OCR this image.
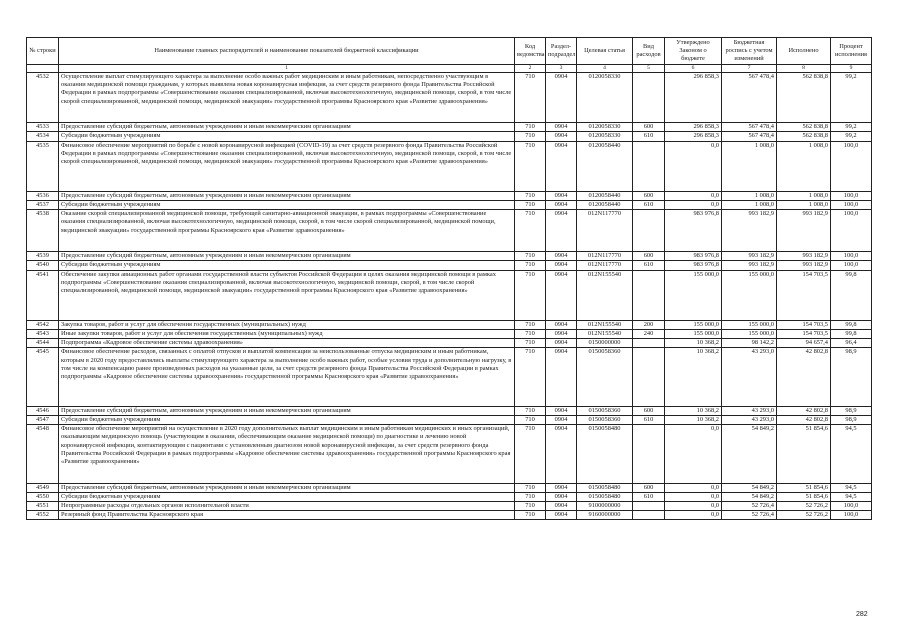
№ строки	Наименование главных распорядителей и наименование показателей бюджетной классификации	Код ведомства	Раздел-подраздел	Целевая статья	Вид расходов	Утверждено Законом о бюджете	Бюджетная роспись с учетом изменений	Исполнено	Процент исполнения
	1	2	3	4	5	6	7	8	9
4532	Осуществление выплат стимулирующего характера за выполнение особо важных работ медицинским и иным работникам, непосредственно участвующим в оказании медицинской помощи гражданам, у которых выявлена новая коронавирусная инфекция, за счет средств резервного фонда Правительства Российской Федерации в рамках подпрограммы «Совершенствование оказания специализированной, включая высокотехнологичную, медицинской помощи, скорой, в том числе скорой специализированной, медицинской помощи, медицинской эвакуации» государственной программы Красноярского края «Развитие здравоохранения»	710	0904	0120058330		296 858,3	567 478,4	562 838,8	99,2
4533	Предоставление субсидий бюджетным, автономным учреждениям и иным некоммерческим организациям	710	0904	0120058330	600	296 858,3	567 478,4	562 838,8	99,2
4534	Субсидии бюджетным учреждениям	710	0904	0120058330	610	296 858,3	567 478,4	562 838,8	99,2
4535	Финансовое обеспечение мероприятий по борьбе с новой коронавирусной инфекцией (COVID-19) за счет средств резервного фонда Правительства Российской Федерации в рамках подпрограммы «Совершенствование оказания специализированной, включая высокотехнологичную, медицинской помощи, скорой, в том числе скорой специализированной, медицинской помощи, медицинской эвакуации» государственной программы Красноярского края «Развитие здравоохранения»	710	0904	0120058440		0,0	1 008,0	1 008,0	100,0
4536	Предоставление субсидий бюджетным, автономным учреждениям и иным некоммерческим организациям	710	0904	0120058440	600	0,0	1 008,0	1 008,0	100,0
4537	Субсидии бюджетным учреждениям	710	0904	0120058440	610	0,0	1 008,0	1 008,0	100,0
4538	Оказание скорой специализированной медицинской помощи, требующей санитарно-авиационной эвакуации, в рамках подпрограммы «Совершенствование оказания специализированной, включая высокотехнологичную, медицинской помощи, скорой, в том числе скорой специализированной, медицинской помощи, медицинской эвакуации» государственной программы Красноярского края «Развитие здравоохранения»	710	0904	012N117770		983 976,8	993 182,9	993 182,9	100,0
4539	Предоставление субсидий бюджетным, автономным учреждениям и иным некоммерческим организациям	710	0904	012N117770	600	983 976,8	993 182,9	993 182,9	100,0
4540	Субсидии бюджетным учреждениям	710	0904	012N117770	610	983 976,8	993 182,9	993 182,9	100,0
4541	Обеспечение закупки авиационных работ органами государственной власти субъектов Российской Федерации в целях оказания медицинской помощи в рамках подпрограммы «Совершенствование оказания специализированной, включая высокотехнологичную, медицинской помощи, скорой, в том числе скорой специализированной, медицинской помощи, медицинской эвакуации» государственной программы Красноярского края «Развитие здравоохранения»	710	0904	012N155540		155 000,0	155 000,0	154 703,5	99,8
4542	Закупка товаров, работ и услуг для обеспечения государственных (муниципальных) нужд	710	0904	012N155540	200	155 000,0	155 000,0	154 703,5	99,8
4543	Иные закупки товаров, работ и услуг для обеспечения государственных (муниципальных) нужд	710	0904	012N155540	240	155 000,0	155 000,0	154 703,5	99,8
4544	Подпрограмма «Кадровое обеспечение системы здравоохранения»	710	0904	0150000000		10 368,2	98 142,2	94 657,4	96,4
4545	Финансовое обеспечение расходов, связанных с оплатой отпусков и выплатой компенсации за неиспользованные отпуска медицинским и иным работникам, которым в 2020 году предоставлялись выплаты стимулирующего характера за выполнение особо важных работ, особые условия труда и дополнительную нагрузку, в том числе на компенсацию ранее произведенных расходов на указанные цели, за счет средств резервного фонда Правительства Российской Федерации в рамках подпрограммы «Кадровое обеспечение системы здравоохранения» государственной программы Красноярского края «Развитие здравоохранения»	710	0904	0150058360		10 368,2	43 293,0	42 802,8	98,9
4546	Предоставление субсидий бюджетным, автономным учреждениям и иным некоммерческим организациям	710	0904	0150058360	600	10 368,2	43 293,0	42 802,8	98,9
4547	Субсидии бюджетным учреждениям	710	0904	0150058360	610	10 368,2	43 293,0	42 802,8	98,9
4548	Финансовое обеспечение мероприятий на осуществление в 2020 году дополнительных выплат медицинским и иным работникам медицинских и иных организаций, оказывающим медицинскую помощь (участвующим в оказании, обеспечивающим оказание медицинской помощи) по диагностике и лечению новой коронавирусной инфекции, контактирующим с пациентами с установленным диагнозом новой коронавирусной инфекции, за счет средств резервного фонда Правительства Российской Федерации в рамках подпрограммы «Кадровое обеспечение системы здравоохранения» государственной программы Красноярского края «Развитие здравоохранения»	710	0904	0150058480		0,0	54 849,2	51 854,6	94,5
4549	Предоставление субсидий бюджетным, автономным учреждениям и иным некоммерческим организациям	710	0904	0150058480	600	0,0	54 849,2	51 854,6	94,5
4550	Субсидии бюджетным учреждениям	710	0904	0150058480	610	0,0	54 849,2	51 854,6	94,5
4551	Непрограммные расходы отдельных органов исполнительной власти	710	0904	9100000000		0,0	52 726,4	52 726,2	100,0
4552	Резервный фонд Правительства Красноярского края	710	0904	9160000000		0,0	52 726,4	52 726,2	100,0
282
